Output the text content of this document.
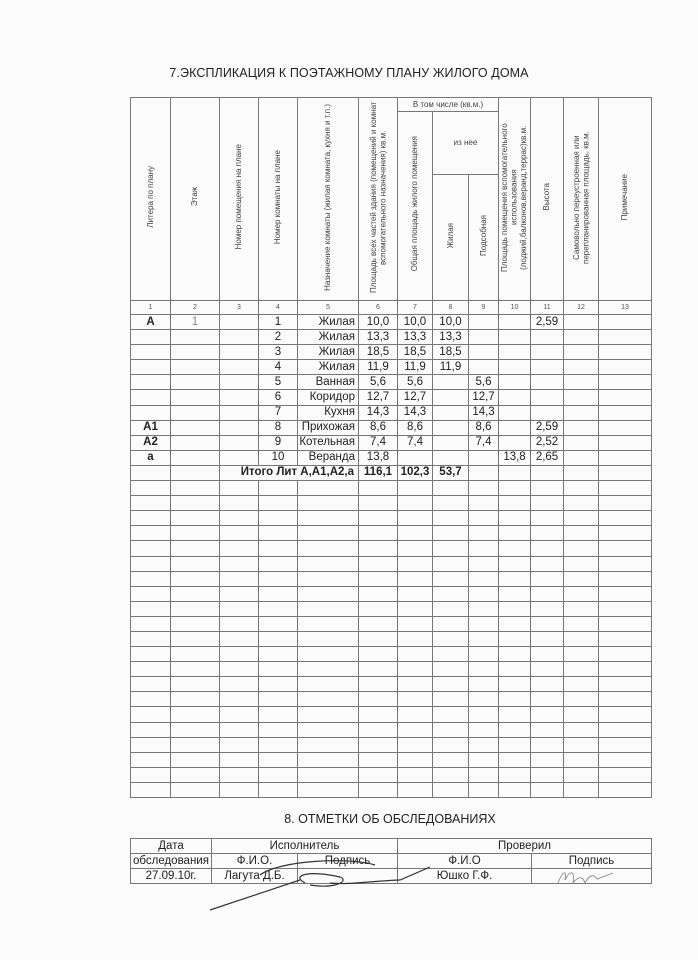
7.ЭКСПЛИКАЦИЯ К ПОЭТАЖНОМУ ПЛАНУ ЖИЛОГО ДОМА
Литера по плану	Этаж	Номер помещения на плане	Номер комнаты на плане	Назначение комнаты (жилая комната, кухня и т.п.)	Площадь всех частей здания (помещений и комнат вспомогательного назначения) кв.м.	В том числе (кв.м.)			Площадь помещения вспомогательного использования (лоджий,балконов,веранд,террас)кв.м.	Высота	Самовольно переустроенная или перепланированная площадь, кв.м.	Примечание
						Общая площадь жилого помещения	из нее					
							Жилая	Подсобная				
1	2	3	4	5	6	7	8	9	10	11	12	13
А	1		1	Жилая	10,0	10,0	10,0			2,59		
			2	Жилая	13,3	13,3	13,3					
			3	Жилая	18,5	18,5	18,5					
			4	Жилая	11,9	11,9	11,9					
			5	Ванная	5,6	5,6		5,6				
			6	Коридор	12,7	12,7		12,7				
			7	Кухня	14,3	14,3		14,3				
А1			8	Прихожая	8,6	8,6		8,6		2,59		
А2			9	Котельная	7,4	7,4		7,4		2,52		
а			10	Веранда	13,8				13,8	2,65		
		Итого Лит А,А1,А2,а			116,1	102,3	53,7					

8. ОТМЕТКИ ОБ ОБСЛЕДОВАНИЯХ
Дата	Исполнитель		Проверил	
обследования	Ф.И.О.	Подпись	Ф.И.О	Подпись
27.09.10г.	Лагута Д.Б.		Юшко Г.Ф.	
